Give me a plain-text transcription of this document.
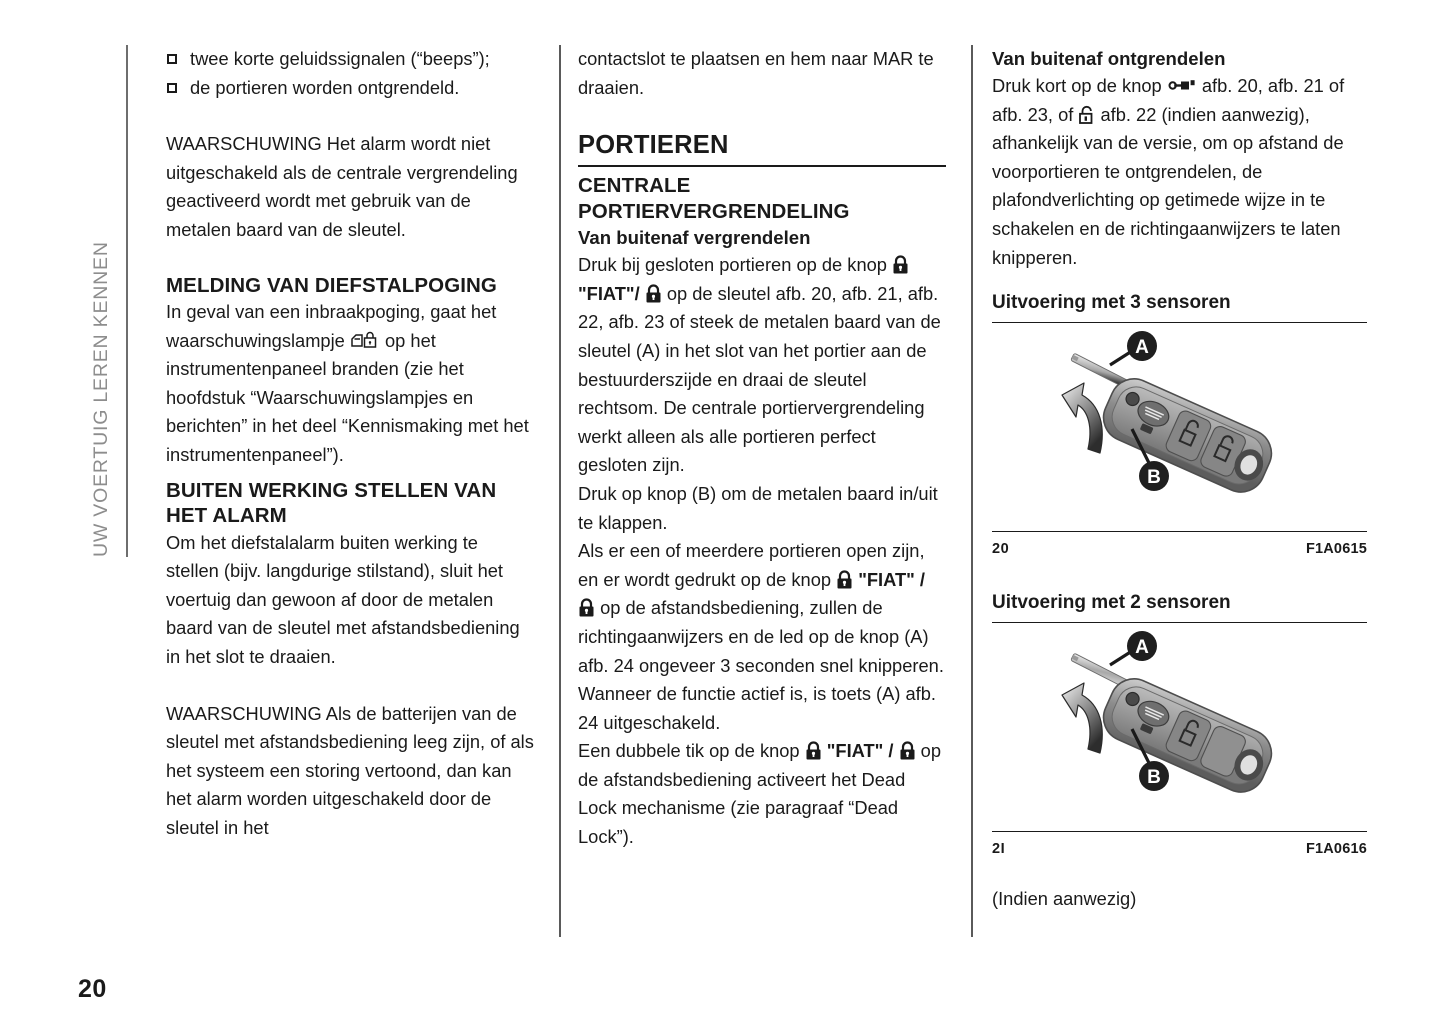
UW VOERTUIG LEREN KENNEN
twee korte geluidssignalen (“beeps”);
de portieren worden ontgrendeld.

WAARSCHUWING Het alarm wordt niet uitgeschakeld als de centrale vergrendeling geactiveerd wordt met gebruik van de metalen baard van de sleutel.

MELDING VAN DIEFSTALPOGING

In geval van een inbraakpoging, gaat het waarschuwingslampje
op het instrumentenpaneel branden (zie het hoofdstuk “Waarschuwingslampjes en berichten” in het deel “Kennismaking met het instrumentenpaneel”).

BUITEN WERKING STELLEN VAN HET ALARM

Om het diefstalalarm buiten werking te stellen (bijv. langdurige stilstand), sluit het voertuig dan gewoon af door de metalen baard van de sleutel met afstandsbediening in het slot te draaien.

WAARSCHUWING Als de batterijen van de sleutel met afstandsbediening leeg zijn, of als het systeem een storing vertoond, dan kan het alarm worden uitgeschakeld door de sleutel in het

contactslot te plaatsen en hem naar MAR te draaien.

PORTIEREN
CENTRALE PORTIERVERGRENDELING
Van buitenaf vergrendelen

Druk bij gesloten portieren op de knop
"FIAT"/
op de sleutel afb. 20, afb. 21, afb. 22, afb. 23 of steek de metalen baard van de sleutel (A) in het slot van het portier aan de bestuurderszijde en draai de sleutel rechtsom. De centrale portiervergrendeling werkt alleen als alle portieren perfect gesloten zijn.

Druk op knop (B) om de metalen baard in/uit te klappen.

Als er een of meerdere portieren open zijn, en er wordt gedrukt op de knop
"FIAT" /
op de afstandsbediening, zullen de richtingaanwijzers en de led op de knop (A) afb. 24 ongeveer 3 seconden snel knipperen. Wanneer de functie actief is, is toets (A) afb. 24 uitgeschakeld.

Een dubbele tik op de knop
"FIAT" /
op de afstandsbediening activeert het Dead Lock mechanisme (zie paragraaf “Dead Lock”).

Van buitenaf ontgrendelen

Druk kort op de knop
afb. 20, afb. 21 of afb. 23, of
afb. 22 (indien aanwezig), afhankelijk van de versie, om op afstand de voorportieren te ontgrendelen, de plafondverlichting op getimede wijze in te schakelen en de richtingaanwijzers te laten knipperen.

Uitvoering met 3 sensoren
A
B
20	F1A0615
Uitvoering met 2 sensoren
A
B
2I	F1A0616

(Indien aanwezig)

20
